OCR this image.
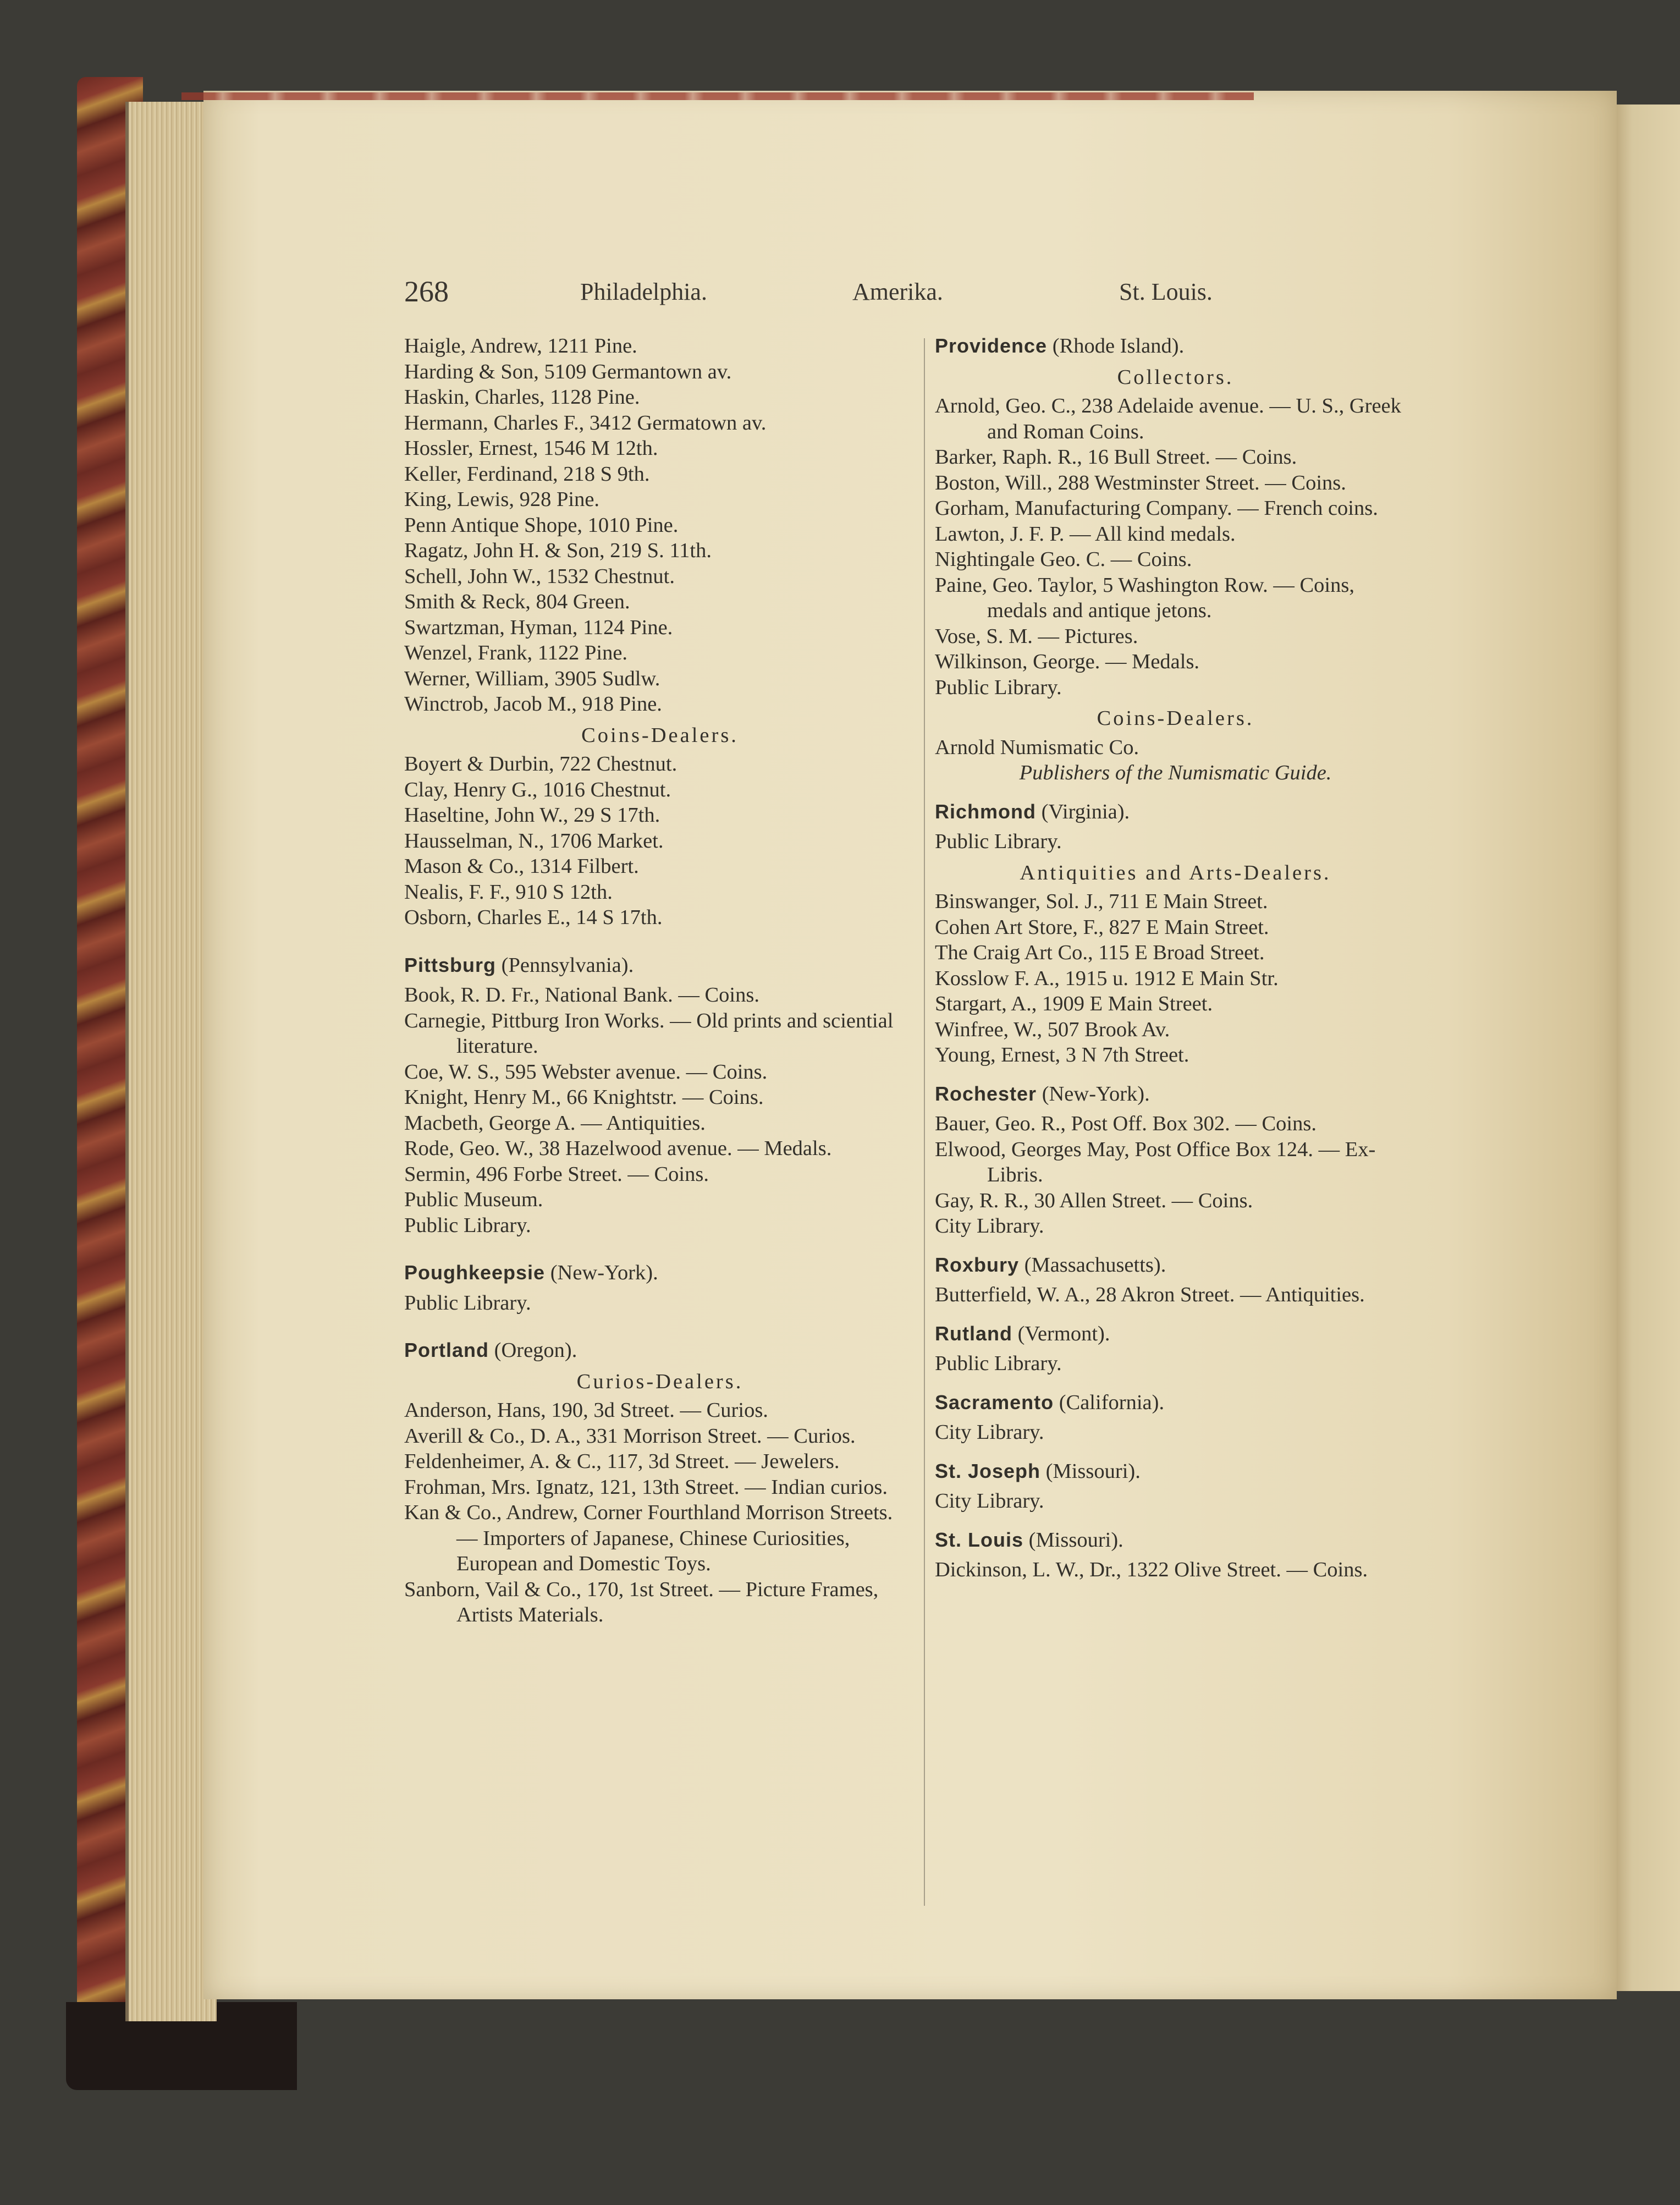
268	Philadelphia.	Amerika.	St. Louis.

Haigle, Andrew, 1211 Pine.

Harding & Son, 5109 Germantown av.

Haskin, Charles, 1128 Pine.

Hermann, Charles F., 3412 Germatown av.

Hossler, Ernest, 1546 M 12th.

Keller, Ferdinand, 218 S 9th.

King, Lewis, 928 Pine.

Penn Antique Shope, 1010 Pine.

Ragatz, John H. & Son, 219 S. 11th.

Schell, John W., 1532 Chestnut.

Smith & Reck, 804 Green.

Swartzman, Hyman, 1124 Pine.

Wenzel, Frank, 1122 Pine.

Werner, William, 3905 Sudlw.

Winctrob, Jacob M., 918 Pine.

Coins-Dealers.

Boyert & Durbin, 722 Chestnut.

Clay, Henry G., 1016 Chestnut.

Haseltine, John W., 29 S 17th.

Hausselman, N., 1706 Market.

Mason & Co., 1314 Filbert.

Nealis, F. F., 910 S 12th.

Osborn, Charles E., 14 S 17th.

Pittsburg (Pennsylvania).

Book, R. D. Fr., National Bank. — Coins.

Carnegie, Pittburg Iron Works. — Old prints and sciential literature.

Coe, W. S., 595 Webster avenue. — Coins.

Knight, Henry M., 66 Knightstr. — Coins.

Macbeth, George A. — Antiquities.

Rode, Geo. W., 38 Hazelwood avenue. — Medals.

Sermin, 496 Forbe Street. — Coins.

Public Museum.

Public Library.

Poughkeepsie (New-York).

Public Library.

Portland (Oregon).

Curios-Dealers.

Anderson, Hans, 190, 3d Street. — Curios.

Averill & Co., D. A., 331 Morrison Street. — Curios.

Feldenheimer, A. & C., 117, 3d Street. — Jewelers.

Frohman, Mrs. Ignatz, 121, 13th Street. — Indian curios.

Kan & Co., Andrew, Corner Fourthland Morrison Streets. — Importers of Japanese, Chinese Curiosities, European and Domestic Toys.

Sanborn, Vail & Co., 170, 1st Street. — Picture Frames, Artists Materials.

Providence (Rhode Island).

Collectors.

Arnold, Geo. C., 238 Adelaide avenue. — U. S., Greek and Roman Coins.

Barker, Raph. R., 16 Bull Street. — Coins.

Boston, Will., 288 Westminster Street. — Coins.

Gorham, Manufacturing Company. — French coins.

Lawton, J. F. P. — All kind medals.

Nightingale Geo. C. — Coins.

Paine, Geo. Taylor, 5 Washington Row. — Coins, medals and antique jetons.

Vose, S. M. — Pictures.

Wilkinson, George. — Medals.

Public Library.

Coins-Dealers.

Arnold Numismatic Co.

Publishers of the Numismatic Guide.

Richmond (Virginia).

Public Library.

Antiquities and Arts-Dealers.

Binswanger, Sol. J., 711 E Main Street.

Cohen Art Store, F., 827 E Main Street.

The Craig Art Co., 115 E Broad Street.

Kosslow F. A., 1915 u. 1912 E Main Str.

Stargart, A., 1909 E Main Street.

Winfree, W., 507 Brook Av.

Young, Ernest, 3 N 7th Street.

Rochester (New-York).

Bauer, Geo. R., Post Off. Box 302. — Coins.

Elwood, Georges May, Post Office Box 124. — Ex-Libris.

Gay, R. R., 30 Allen Street. — Coins.

City Library.

Roxbury (Massachusetts).

Butterfield, W. A., 28 Akron Street. — Antiquities.

Rutland (Vermont).

Public Library.

Sacramento (California).

City Library.

St. Joseph (Missouri).

City Library.

St. Louis (Missouri).

Dickinson, L. W., Dr., 1322 Olive Street. — Coins.
